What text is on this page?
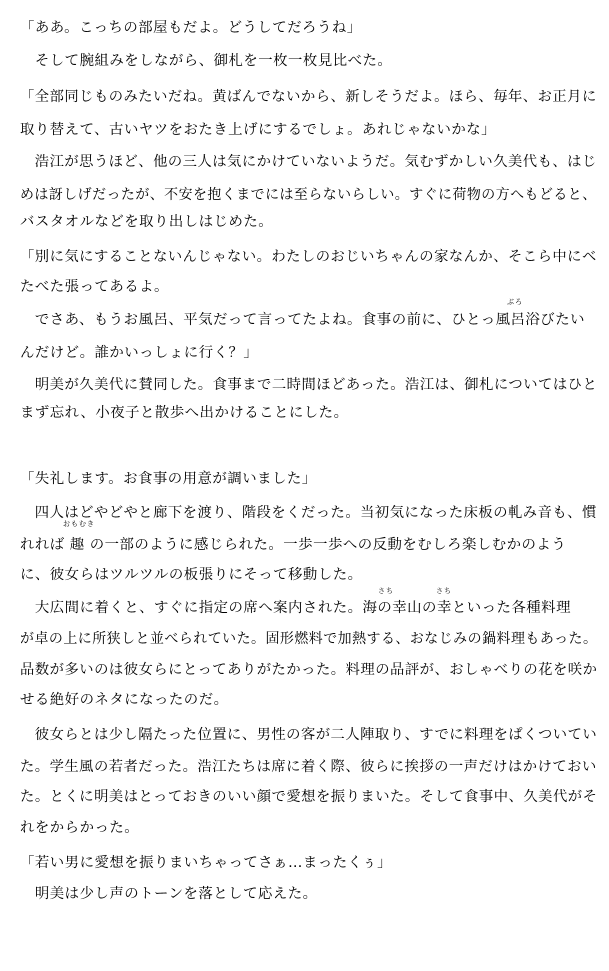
「ああ。こっちの部屋もだよ。どうしてだろうね」
　そして腕組みをしながら、御札を一枚一枚見比べた。
「全部同じものみたいだね。黄ばんでないから、新しそうだよ。ほら、毎年、お正月に
取り替えて、古いヤツをおたき上げにするでしょ。あれじゃないかな」
　浩江が思うほど、他の三人は気にかけていないようだ。気むずかしい久美代も、はじ
めは訝しげだったが、不安を抱くまでには至らないらしい。すぐに荷物の方へもどると、
バスタオルなどを取り出しはじめた。
「別に気にすることないんじゃない。わたしのおじいちゃんの家なんか、そこら中にベ
たべた張ってあるよ。
ぶろ
　でさあ、もうお風呂、平気だって言ってたよね。食事の前に、ひとっ風呂浴びたい
んだけど。誰かいっしょに行く？」
　明美が久美代に賛同した。食事まで二時間ほどあった。浩江は、御札についてはひと
まず忘れ、小夜子と散歩へ出かけることにした。
「失礼します。お食事の用意が調いました」
　四人はどやどやと廊下を渡り、階段をくだった。当初気になった床板の軋み音も、慣
おもむき
れれば 趣 の一部のように感じられた。一歩一歩への反動をむしろ楽しむかのよう
に、彼女らはツルツルの板張りにそって移動した。
さち	さち
　大広間に着くと、すぐに指定の席へ案内された。海の幸山の幸といった各種料理
が卓の上に所狭しと並べられていた。固形燃料で加熱する、おなじみの鍋料理もあった。
品数が多いのは彼女らにとってありがたかった。料理の品評が、おしゃべりの花を咲か
せる絶好のネタになったのだ。
　彼女らとは少し隔たった位置に、男性の客が二人陣取り、すでに料理をぱくついてい
た。学生風の若者だった。浩江たちは席に着く際、彼らに挨拶の一声だけはかけておい
た。とくに明美はとっておきのいい顔で愛想を振りまいた。そして食事中、久美代がそ
れをからかった。
「若い男に愛想を振りまいちゃってさぁ…まったくぅ」
　明美は少し声のトーンを落として応えた。
